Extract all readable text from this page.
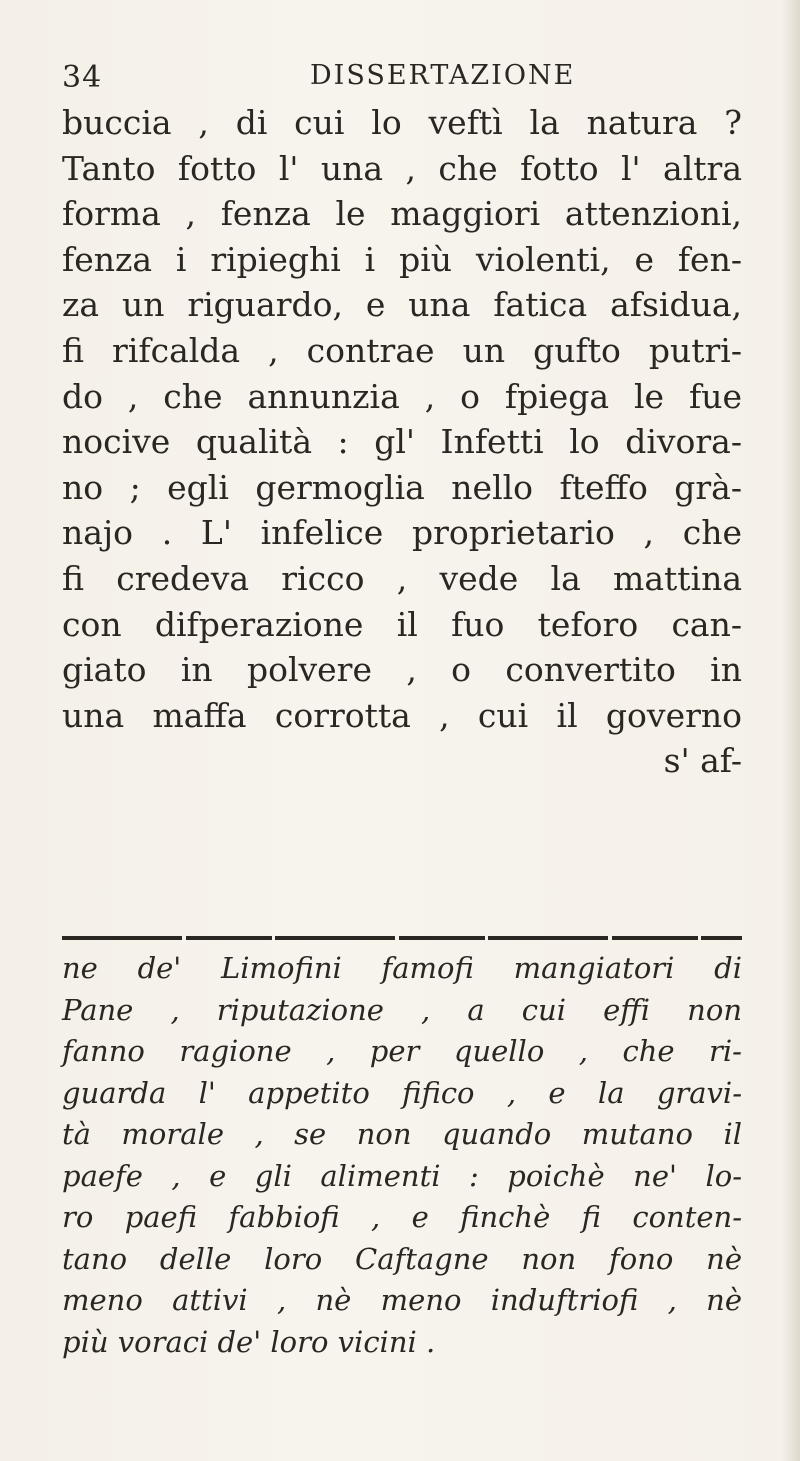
34	DISSERTAZIONE
buccia , di cui lo veftì la natura ?
Tanto fotto l' una , che fotto l' altra
forma , fenza le maggiori attenzioni,
fenza i ripieghi i più violenti, e fen-
za un riguardo, e una fatica afsidua,
fi rifcalda , contrae un gufto putri-
do , che annunzia , o fpiega le fue
nocive qualità : gl' Infetti lo divora-
no ; egli germoglia nello fteffo grà-
najo . L' infelice proprietario , che
fi credeva ricco , vede la mattina
con difperazione il fuo teforo can-
giato in polvere , o convertito in
una maffa corrotta , cui il governo
s' af-
ne de' Limofini famofi mangiatori di
Pane , riputazione , a cui effi non
fanno ragione , per quello , che ri-
guarda l' appetito fifico , e la gravi-
tà morale , se non quando mutano il
paefe , e gli alimenti : poichè ne' lo-
ro paefi fabbiofi , e finchè fi conten-
tano delle loro Caftagne non fono nè
meno attivi , nè meno induftriofi , nè
più voraci de' loro vicini .
